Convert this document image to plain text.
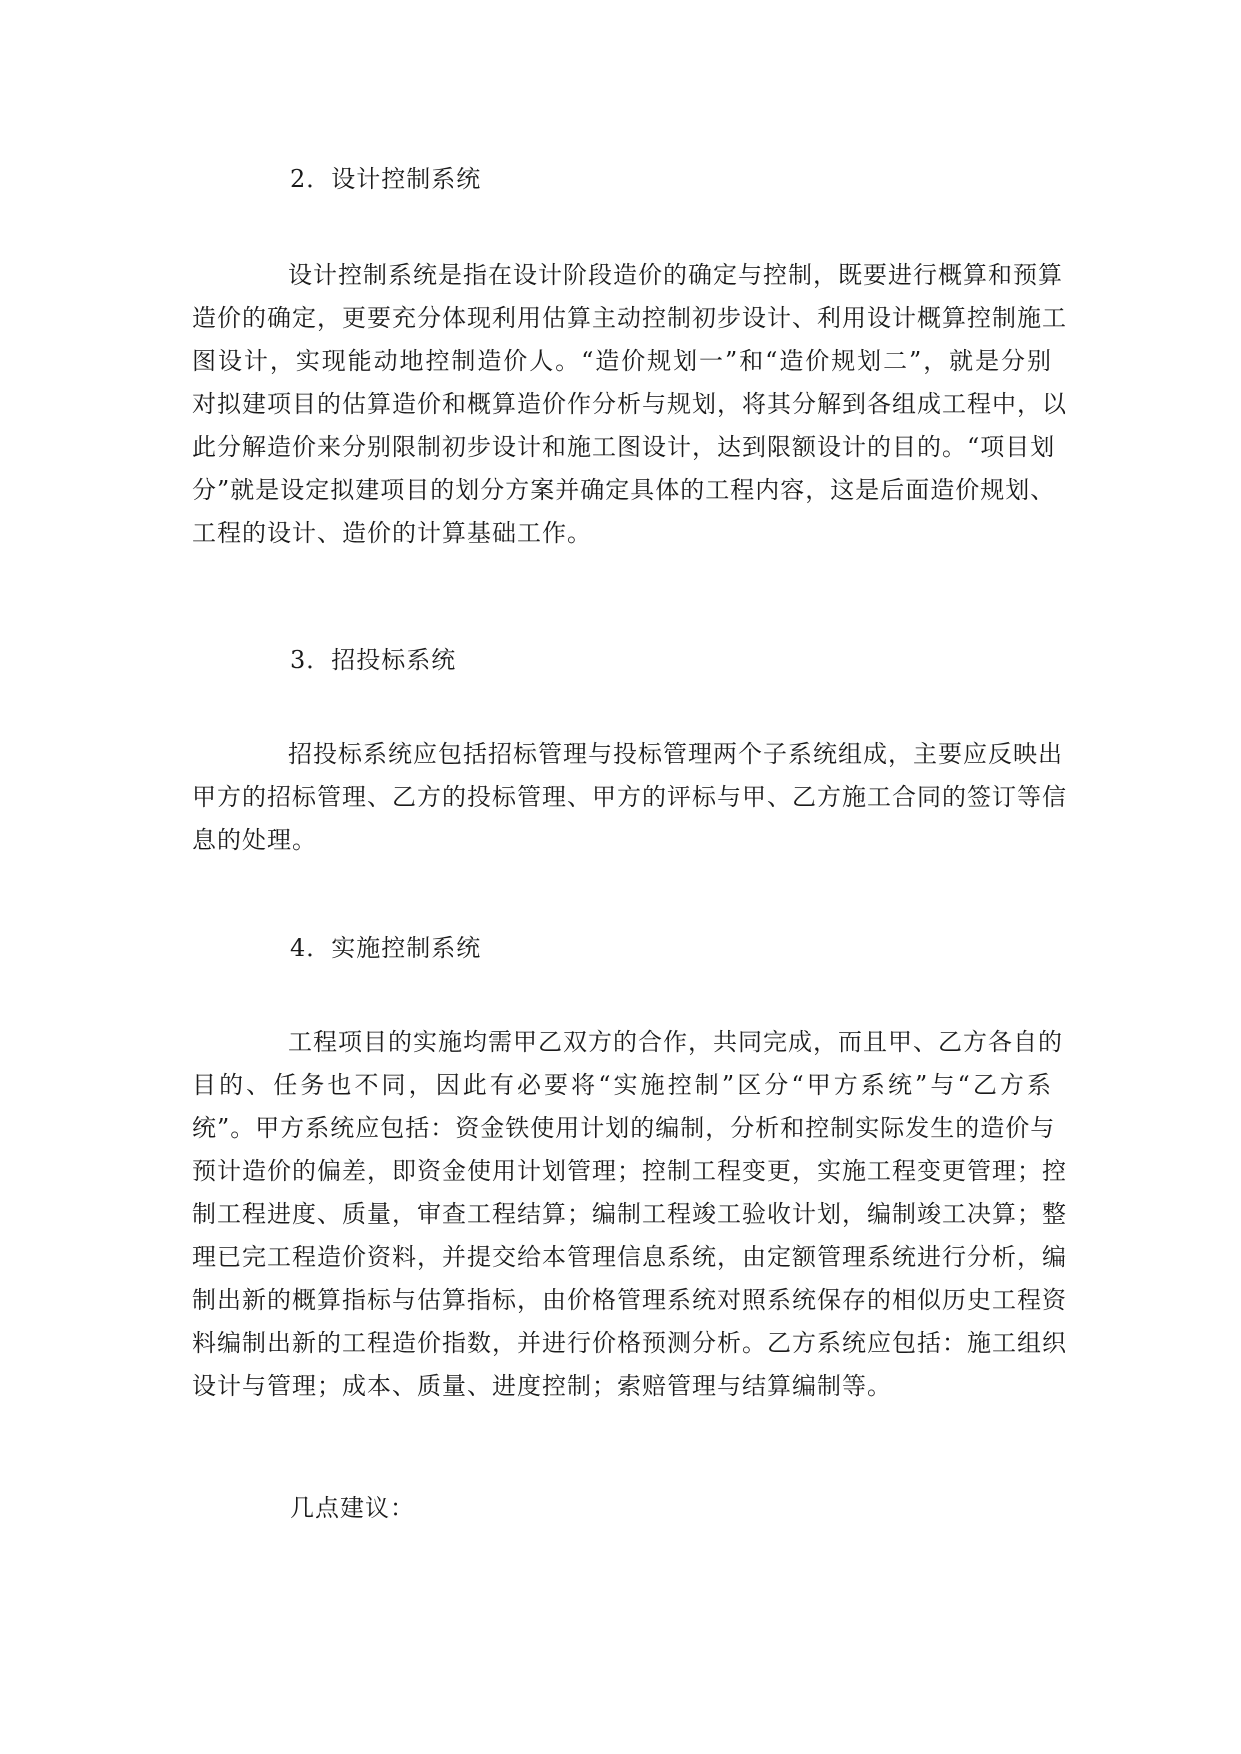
2．设计控制系统
设计控制系统是指在设计阶段造价的确定与控制，既要进行概算和预算
造价的确定，更要充分体现利用估算主动控制初步设计、利用设计概算控制施工
图设计，实现能动地控制造价人。“造价规划一”和“造价规划二”，就是分别
对拟建项目的估算造价和概算造价作分析与规划，将其分解到各组成工程中，以
此分解造价来分别限制初步设计和施工图设计，达到限额设计的目的。“项目划
分”就是设定拟建项目的划分方案并确定具体的工程内容，这是后面造价规划、
工程的设计、造价的计算基础工作。
3．招投标系统
招投标系统应包括招标管理与投标管理两个子系统组成，主要应反映出
甲方的招标管理、乙方的投标管理、甲方的评标与甲、乙方施工合同的签订等信
息的处理。
4．实施控制系统
工程项目的实施均需甲乙双方的合作，共同完成，而且甲、乙方各自的
目的、任务也不同，因此有必要将“实施控制”区分“甲方系统”与“乙方系
统”。甲方系统应包括：资金铁使用计划的编制，分析和控制实际发生的造价与
预计造价的偏差，即资金使用计划管理；控制工程变更，实施工程变更管理；控
制工程进度、质量，审查工程结算；编制工程竣工验收计划，编制竣工决算；整
理已完工程造价资料，并提交给本管理信息系统，由定额管理系统进行分析，编
制出新的概算指标与估算指标，由价格管理系统对照系统保存的相似历史工程资
料编制出新的工程造价指数，并进行价格预测分析。乙方系统应包括：施工组织
设计与管理；成本、质量、进度控制；索赔管理与结算编制等。
几点建议：
